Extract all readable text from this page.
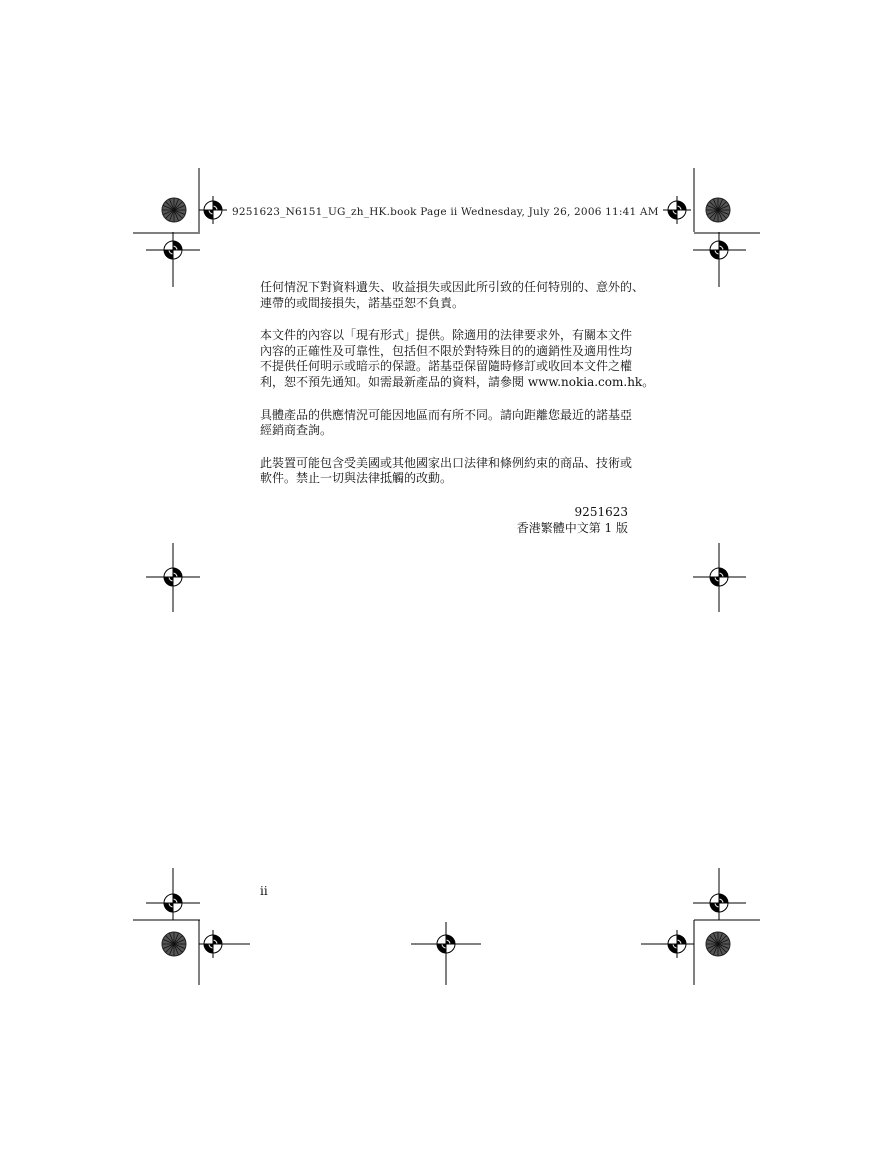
9251623_N6151_UG_zh_HK.book Page ii Wednesday, July 26, 2006 11:41 AM

任何情況下對資料遺失、收益損失或因此所引致的任何特別的、意外的、
連帶的或間接損失，諾基亞恕不負責。

本文件的內容以「現有形式」提供。除適用的法律要求外，有關本文件
內容的正確性及可靠性，包括但不限於對特殊目的的適銷性及適用性均
不提供任何明示或暗示的保證。諾基亞保留隨時修訂或收回本文件之權
利，恕不預先通知。如需最新產品的資料，請參閱 www.nokia.com.hk。

具體產品的供應情況可能因地區而有所不同。請向距離您最近的諾基亞
經銷商查詢。

此裝置可能包含受美國或其他國家出口法律和條例約束的商品、技術或
軟件。禁止一切與法律抵觸的改動。

9251623
香港繁體中文第 1 版
ii
